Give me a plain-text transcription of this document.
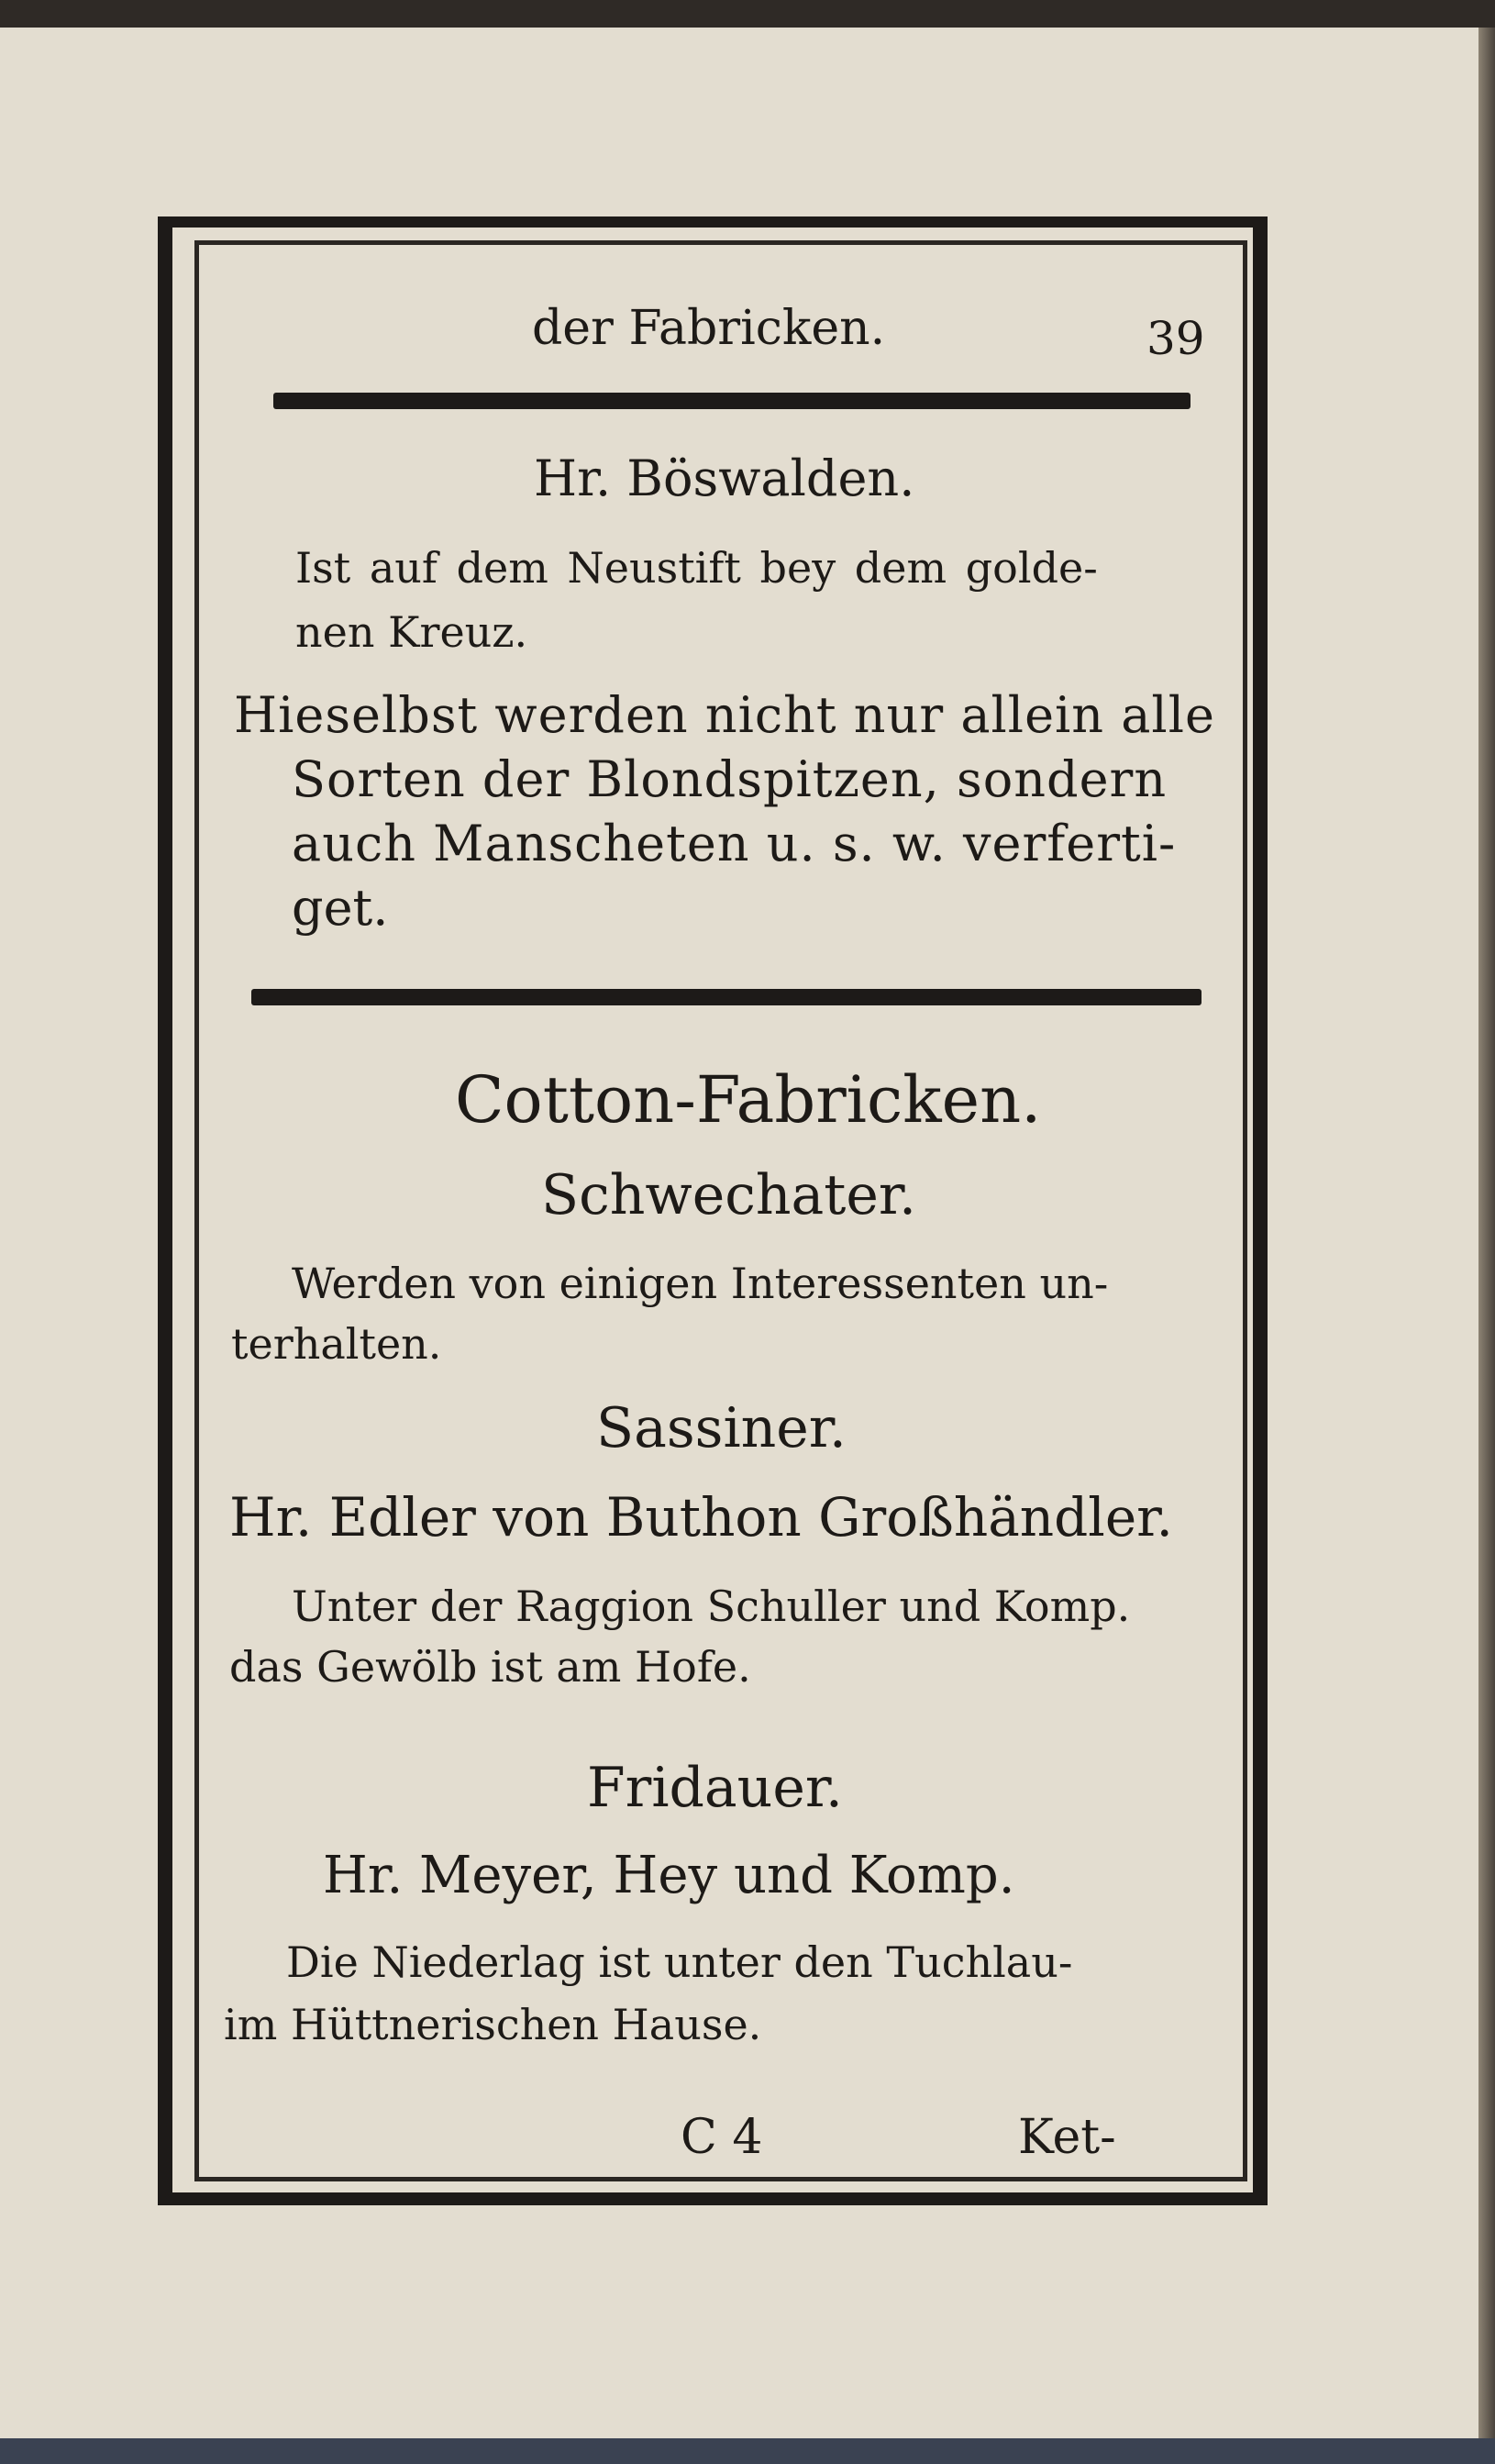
der Fabricken.	39
Hr. Böswalden.
Ist auf dem Neustift bey dem golde-
nen Kreuz.
Hieselbst werden nicht nur allein alle
Sorten der Blondspitzen, sondern
auch Manscheten u. s. w. verferti-
get.
Cotton-Fabricken.
Schwechater.
Werden von einigen Interessenten un-
terhalten.
Sassiner.
Hr. Edler von Buthon Großhändler.
Unter der Raggion Schuller und Komp.
das Gewölb ist am Hofe.
Fridauer.
Hr. Meyer, Hey und Komp.
Die Niederlag ist unter den Tuchlau-
im Hüttnerischen Hause.
C 4	Ket-
